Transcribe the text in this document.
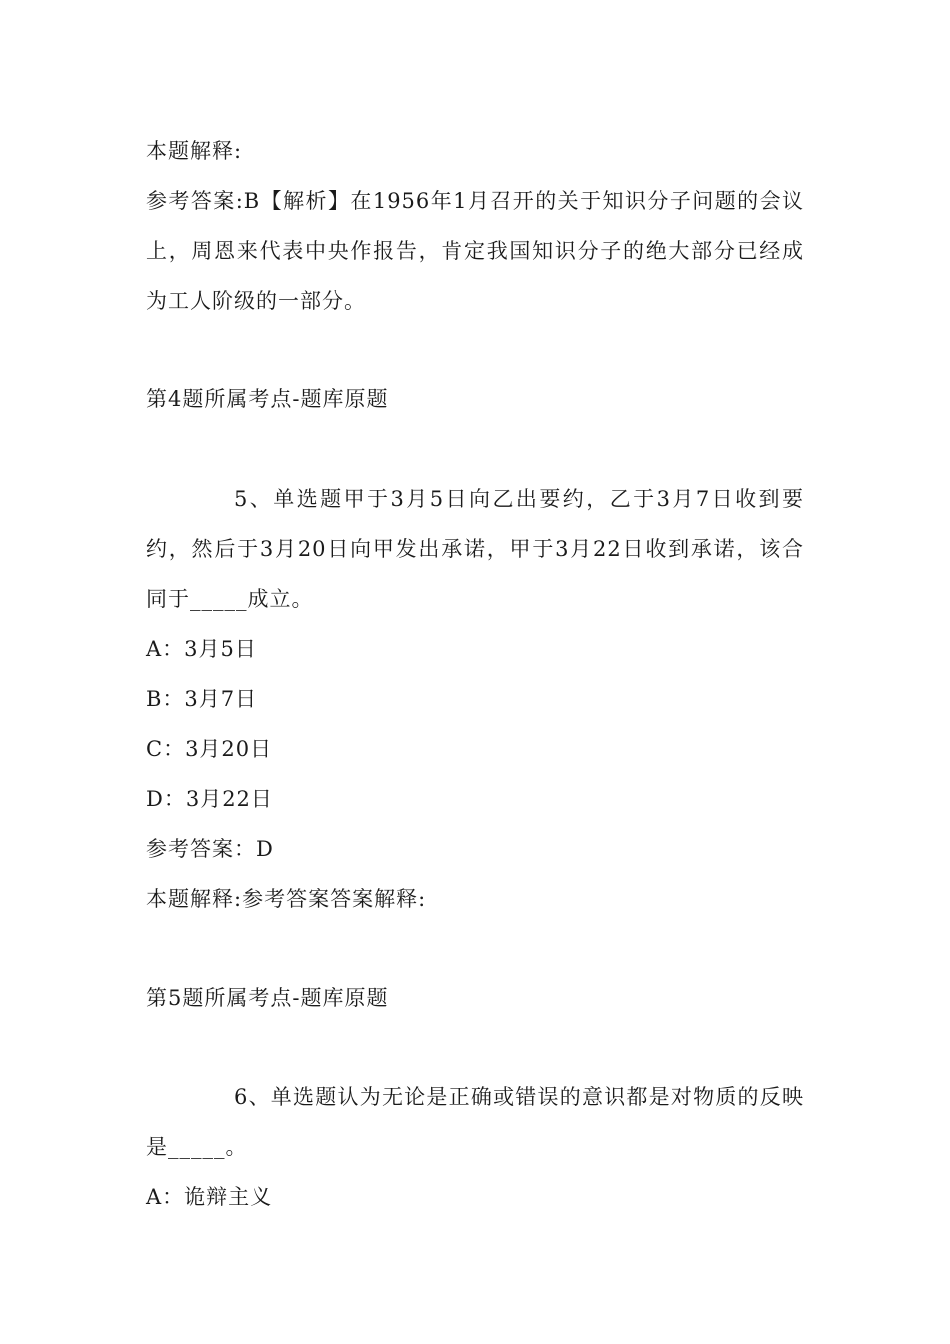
本题解释:
参考答案:B【解析】在1956年1月召开的关于知识分子问题的会议
上，周恩来代表中央作报告，肯定我国知识分子的绝大部分已经成
为工人阶级的一部分。
第4题所属考点-题库原题
5、单选题甲于3月5日向乙出要约，乙于3月7日收到要
约，然后于3月20日向甲发出承诺，甲于3月22日收到承诺，该合
同于_____成立。
A：3月5日
B：3月7日
C：3月20日
D：3月22日
参考答案：D
本题解释:参考答案答案解释:
第5题所属考点-题库原题
6、单选题认为无论是正确或错误的意识都是对物质的反映
是_____。
A：诡辩主义
